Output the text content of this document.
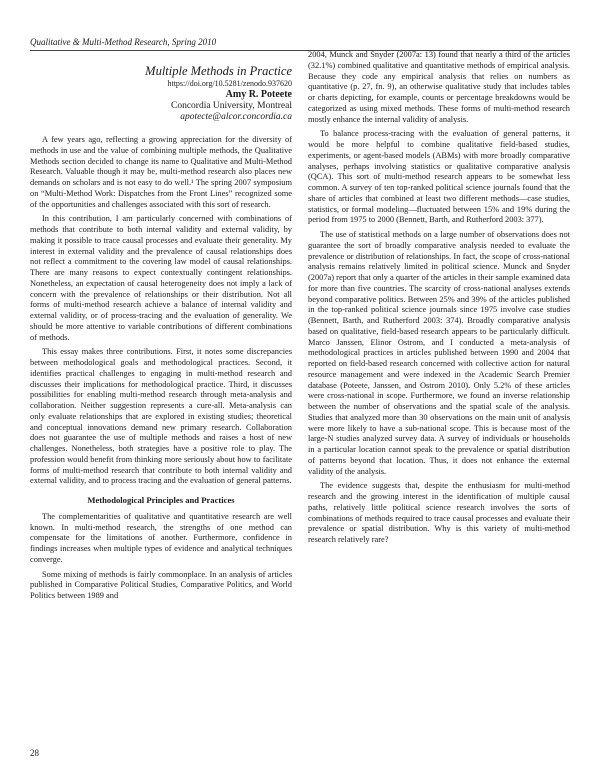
Qualitative & Multi-Method Research, Spring 2010
Multiple Methods in Practice
https://doi.org/10.5281/zenodo.937620
Amy R. Poteete
Concordia University, Montreal
apotecte@alcor.concordia.ca

A few years ago, reflecting a growing appreciation for the diversity of methods in use and the value of combining multiple methods, the Qualitative Methods section decided to change its name to Qualitative and Multi-Method Research. Valuable though it may be, multi-method research also places new demands on scholars and is not easy to do well.¹ The spring 2007 symposium on “Multi-Method Work: Dispatches from the Front Lines” recognized some of the opportunities and challenges associated with this sort of research.

In this contribution, I am particularly concerned with combinations of methods that contribute to both internal validity and external validity, by making it possible to trace causal processes and evaluate their generality. My interest in external validity and the prevalence of causal relationships does not reflect a commitment to the covering law model of causal relationships. There are many reasons to expect contextually contingent relationships. Nonetheless, an expectation of causal heterogeneity does not imply a lack of concern with the prevalence of relationships or their distribution. Not all forms of multi-method research achieve a balance of internal validity and external validity, or of process-tracing and the evaluation of generality. We should be more attentive to variable contributions of different combinations of methods.

This essay makes three contributions. First, it notes some discrepancies between methodological goals and methodological practices. Second, it identifies practical challenges to engaging in multi-method research and discusses their implications for methodological practice. Third, it discusses possibilities for enabling multi-method research through meta-analysis and collaboration. Neither suggestion represents a cure-all. Meta-analysis can only evaluate relationships that are explored in existing studies; theoretical and conceptual innovations demand new primary research. Collaboration does not guarantee the use of multiple methods and raises a host of new challenges. Nonetheless, both strategies have a positive role to play. The profession would benefit from thinking more seriously about how to facilitate forms of multi-method research that contribute to both internal validity and external validity, and to process tracing and the evaluation of general patterns.

Methodological Principles and Practices

The complementarities of qualitative and quantitative research are well known. In multi-method research, the strengths of one method can compensate for the limitations of another. Furthermore, confidence in findings increases when multiple types of evidence and analytical techniques converge.

Some mixing of methods is fairly commonplace. In an analysis of articles published in Comparative Political Studies, Comparative Politics, and World Politics between 1989 and

2004, Munck and Snyder (2007a: 13) found that nearly a third of the articles (32.1%) combined qualitative and quantitative methods of empirical analysis. Because they code any empirical analysis that relies on numbers as quantitative (p. 27, fn. 9), an otherwise qualitative study that includes tables or charts depicting, for example, counts or percentage breakdowns would be categorized as using mixed methods. These forms of multi-method research mostly enhance the internal validity of analysis.

To balance process-tracing with the evaluation of general patterns, it would be more helpful to combine qualitative field-based studies, experiments, or agent-based models (ABMs) with more broadly comparative analyses, perhaps involving statistics or qualitative comparative analysis (QCA). This sort of multi-method research appears to be somewhat less common. A survey of ten top-ranked political science journals found that the share of articles that combined at least two different methods—case studies, statistics, or formal modeling—fluctuated between 15% and 19% during the period from 1975 to 2000 (Bennett, Barth, and Rutherford 2003: 377).

The use of statistical methods on a large number of observations does not guarantee the sort of broadly comparative analysis needed to evaluate the prevalence or distribution of relationships. In fact, the scope of cross-national analysis remains relatively limited in political science. Munck and Snyder (2007a) report that only a quarter of the articles in their sample examined data for more than five countries. The scarcity of cross-national analyses extends beyond comparative politics. Between 25% and 39% of the articles published in the top-ranked political science journals since 1975 involve case studies (Bennett, Barth, and Rutherford 2003: 374). Broadly comparative analysis based on qualitative, field-based research appears to be particularly difficult. Marco Janssen, Elinor Ostrom, and I conducted a meta-analysis of methodological practices in articles published between 1990 and 2004 that reported on field-based research concerned with collective action for natural resource management and were indexed in the Academic Search Premier database (Poteete, Janssen, and Ostrom 2010). Only 5.2% of these articles were cross-national in scope. Furthermore, we found an inverse relationship between the number of observations and the spatial scale of the analysis. Studies that analyzed more than 30 observations on the main unit of analysis were more likely to have a sub-national scope. This is because most of the large-N studies analyzed survey data. A survey of individuals or households in a particular location cannot speak to the prevalence or spatial distribution of patterns beyond that location. Thus, it does not enhance the external validity of the analysis.

The evidence suggests that, despite the enthusiasm for multi-method research and the growing interest in the identification of multiple causal paths, relatively little political science research involves the sorts of combinations of methods required to trace causal processes and evaluate their prevalence or spatial distribution. Why is this variety of multi-method research relatively rare?

28
